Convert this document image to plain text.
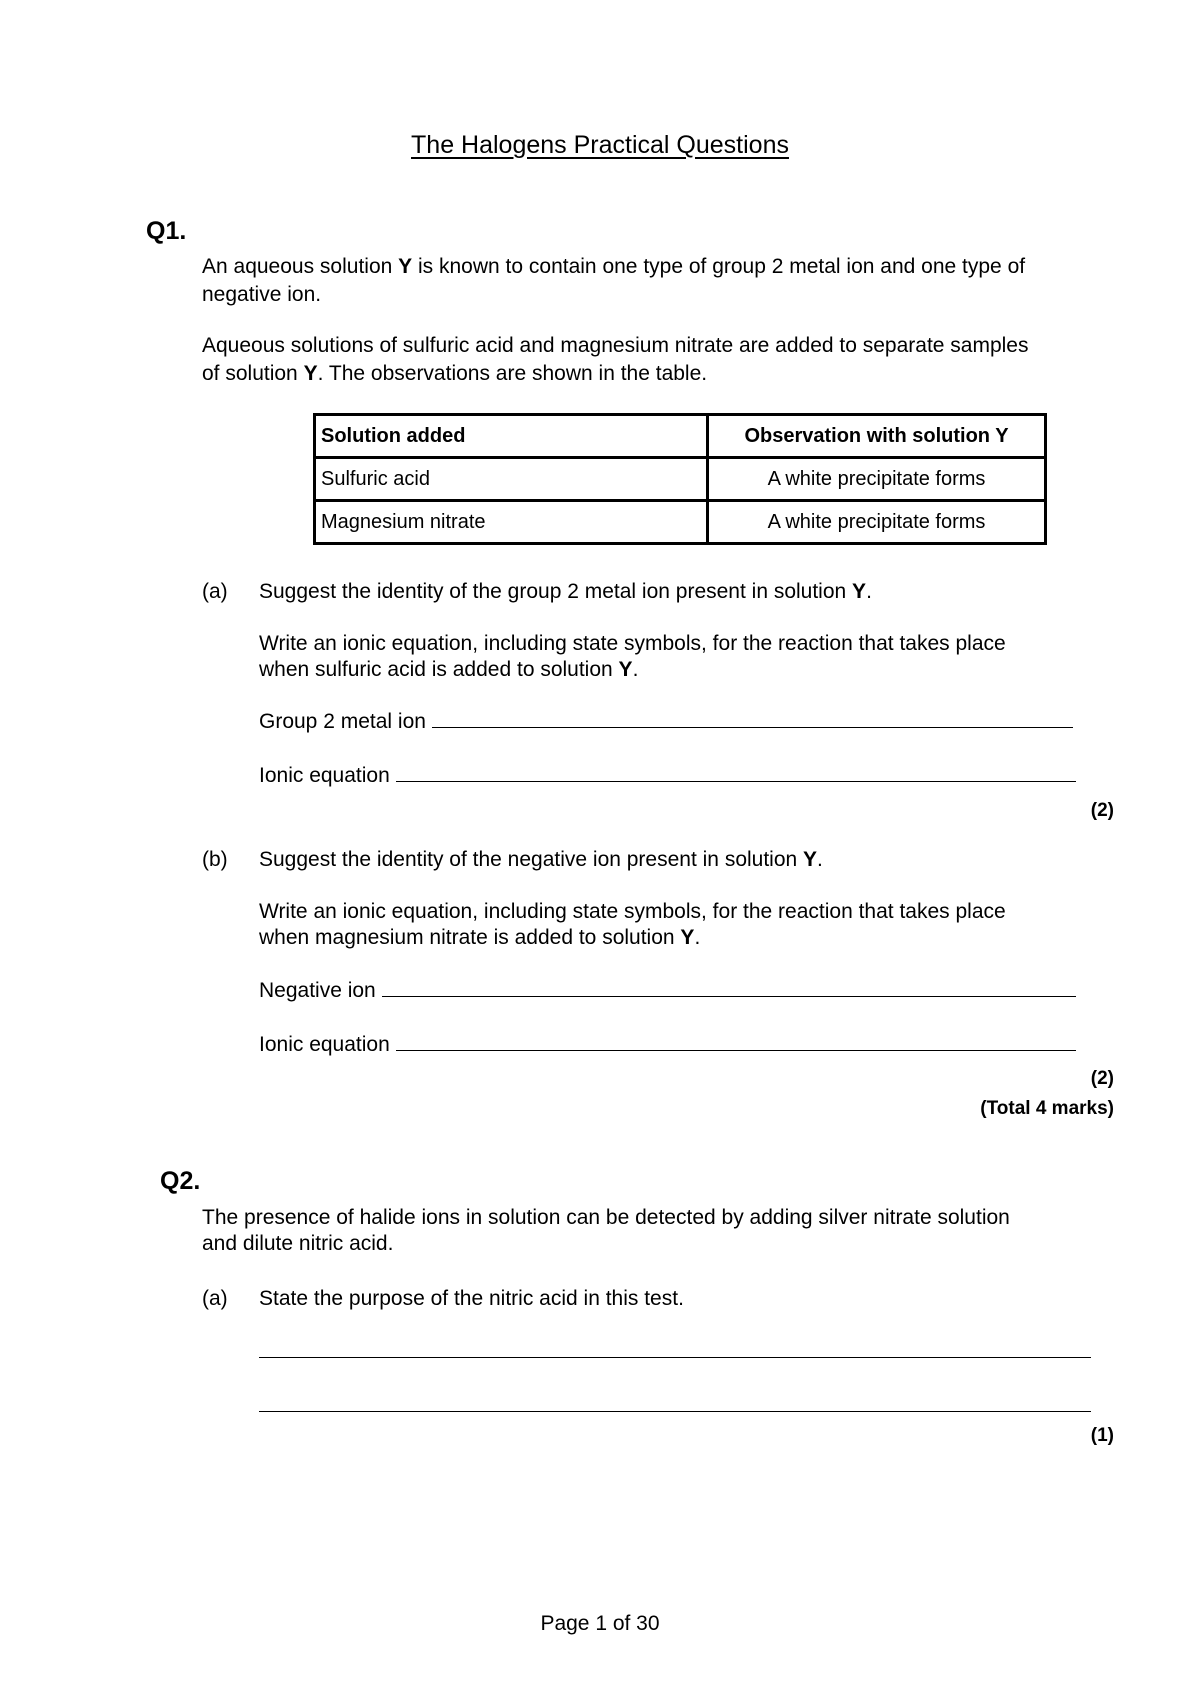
The Halogens Practical Questions
Q1.
An aqueous solution Y is known to contain one type of group 2 metal ion and one type of
negative ion.
Aqueous solutions of sulfuric acid and magnesium nitrate are added to separate samples
of solution Y. The observations are shown in the table.
Solution added	Observation with solution Y
Sulfuric acid	A white precipitate forms
Magnesium nitrate	A white precipitate forms
(a) Suggest the identity of the group 2 metal ion present in solution Y.
Write an ionic equation, including state symbols, for the reaction that takes place
when sulfuric acid is added to solution Y.
Group 2 metal ion
Ionic equation
(2)
(b) Suggest the identity of the negative ion present in solution Y.
Write an ionic equation, including state symbols, for the reaction that takes place
when magnesium nitrate is added to solution Y.
Negative ion
Ionic equation
(2)
(Total 4 marks)
Q2.
The presence of halide ions in solution can be detected by adding silver nitrate solution
and dilute nitric acid.
(a) State the purpose of the nitric acid in this test.
(1)
Page 1 of 30
